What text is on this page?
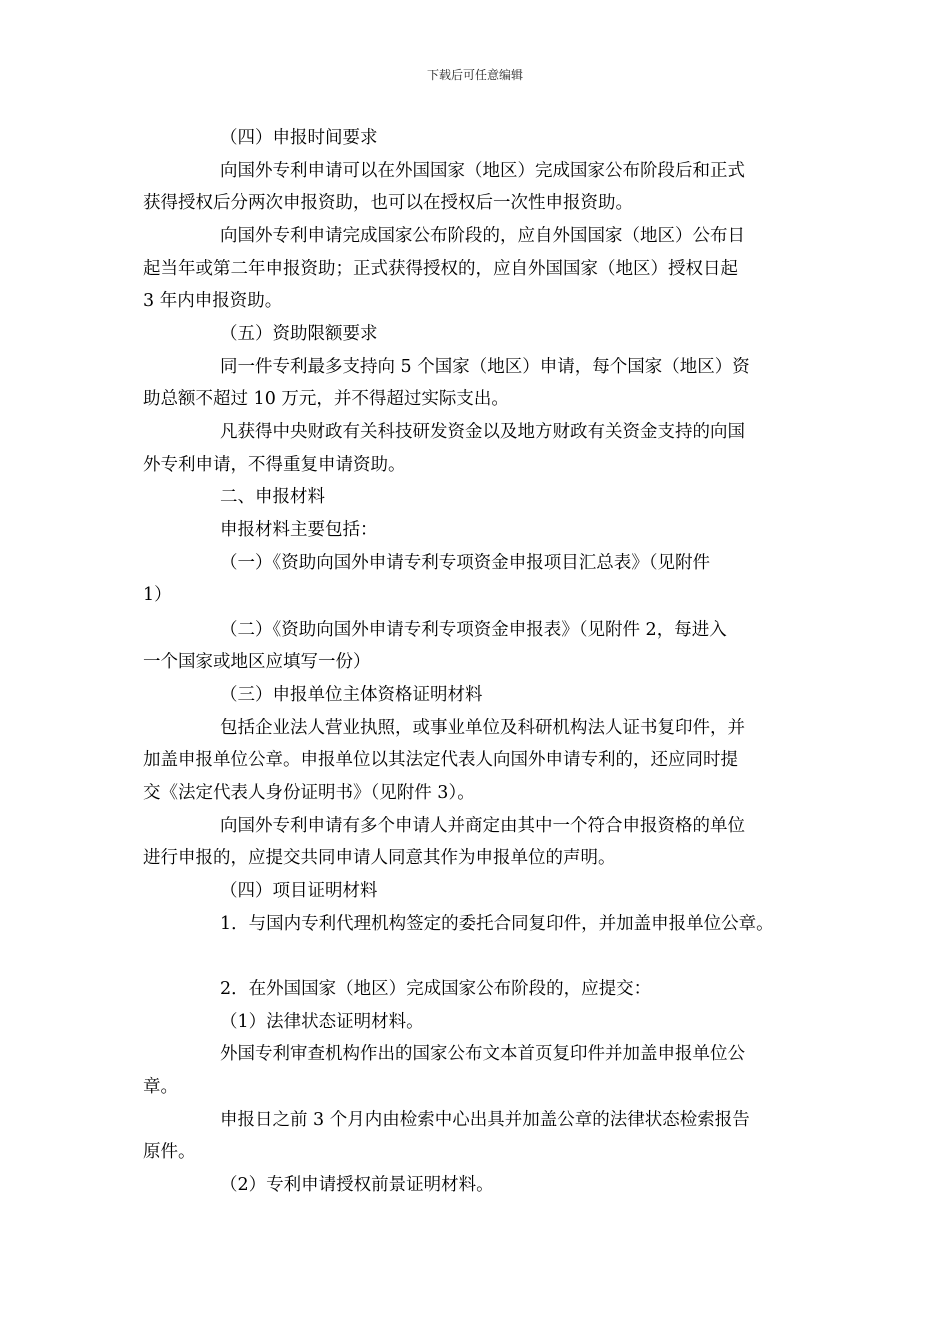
下载后可任意编辑
（四）申报时间要求
向国外专利申请可以在外国国家（地区）完成国家公布阶段后和正式
获得授权后分两次申报资助，也可以在授权后一次性申报资助。
向国外专利申请完成国家公布阶段的，应自外国国家（地区）公布日
起当年或第二年申报资助；正式获得授权的，应自外国国家（地区）授权日起
3 年内申报资助。
（五）资助限额要求
同一件专利最多支持向 5 个国家（地区）申请，每个国家（地区）资
助总额不超过 10 万元，并不得超过实际支出。
凡获得中央财政有关科技研发资金以及地方财政有关资金支持的向国
外专利申请，不得重复申请资助。
二、申报材料
申报材料主要包括：
（一）《资助向国外申请专利专项资金申报项目汇总表》（见附件
1）
（二）《资助向国外申请专利专项资金申报表》（见附件 2，每进入
一个国家或地区应填写一份）
（三）申报单位主体资格证明材料
包括企业法人营业执照，或事业单位及科研机构法人证书复印件，并
加盖申报单位公章。申报单位以其法定代表人向国外申请专利的，还应同时提
交《法定代表人身份证明书》（见附件 3）。
向国外专利申请有多个申请人并商定由其中一个符合申报资格的单位
进行申报的，应提交共同申请人同意其作为申报单位的声明。
（四）项目证明材料
1．与国内专利代理机构签定的委托合同复印件，并加盖申报单位公章。
2．在外国国家（地区）完成国家公布阶段的，应提交：
（1）法律状态证明材料。
外国专利审查机构作出的国家公布文本首页复印件并加盖申报单位公
章。
申报日之前 3 个月内由检索中心出具并加盖公章的法律状态检索报告
原件。
（2）专利申请授权前景证明材料。
